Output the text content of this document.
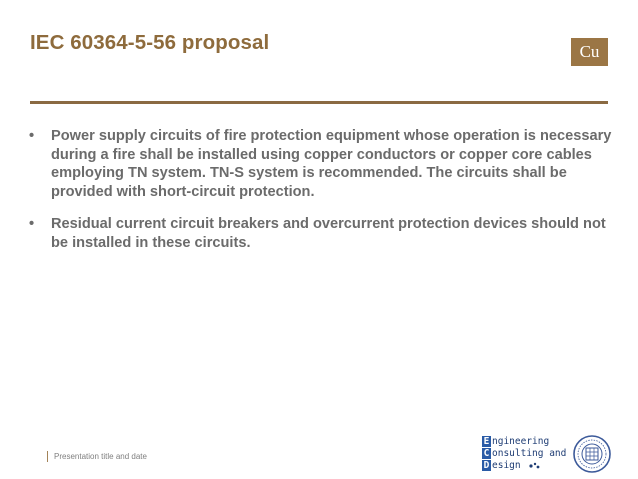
IEC 60364-5-56 proposal	Cu
• Power supply circuits of fire protection equipment whose operation is necessary during a fire shall be installed using copper conductors or copper core cables employing TN system. TN-S system is recommended. The circuits shall be provided with short-circuit protection.
• Residual current circuit breakers and overcurrent protection devices should not be installed in these circuits.
Presentation title and date
E ngineering
C onsulting and
D esign
